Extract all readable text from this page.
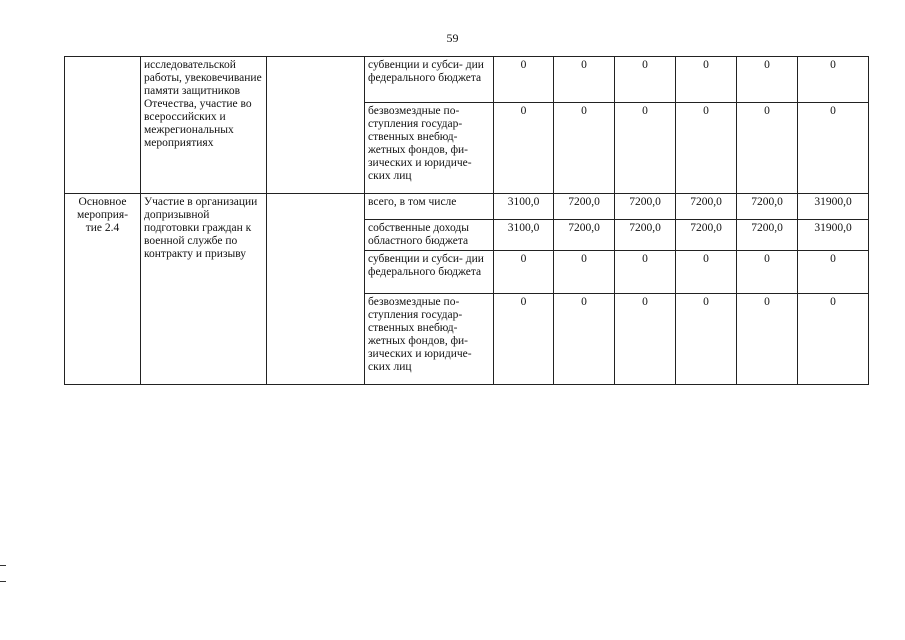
59
	исследовательской работы, увековечивание памяти защитников Отечества, участие во всероссийских и межрегиональных мероприятиях		субвенции и субси- дии федерального бюджета	0	0	0	0	0	0
			безвозмездные по- ступления государ- ственных внебюд- жетных фондов, фи- зических и юридиче- ских лиц	0	0	0	0	0	0
Основное мероприя- тие 2.4	Участие в организации допризывной подготовки граждан к военной службе по контракту и призыву		всего, в том числе	3100,0	7200,0	7200,0	7200,0	7200,0	31900,0
			собственные доходы областного бюджета	3100,0	7200,0	7200,0	7200,0	7200,0	31900,0
			субвенции и субси- дии федерального бюджета	0	0	0	0	0	0
			безвозмездные по- ступления государ- ственных внебюд- жетных фондов, фи- зических и юридиче- ских лиц	0	0	0	0	0	0
